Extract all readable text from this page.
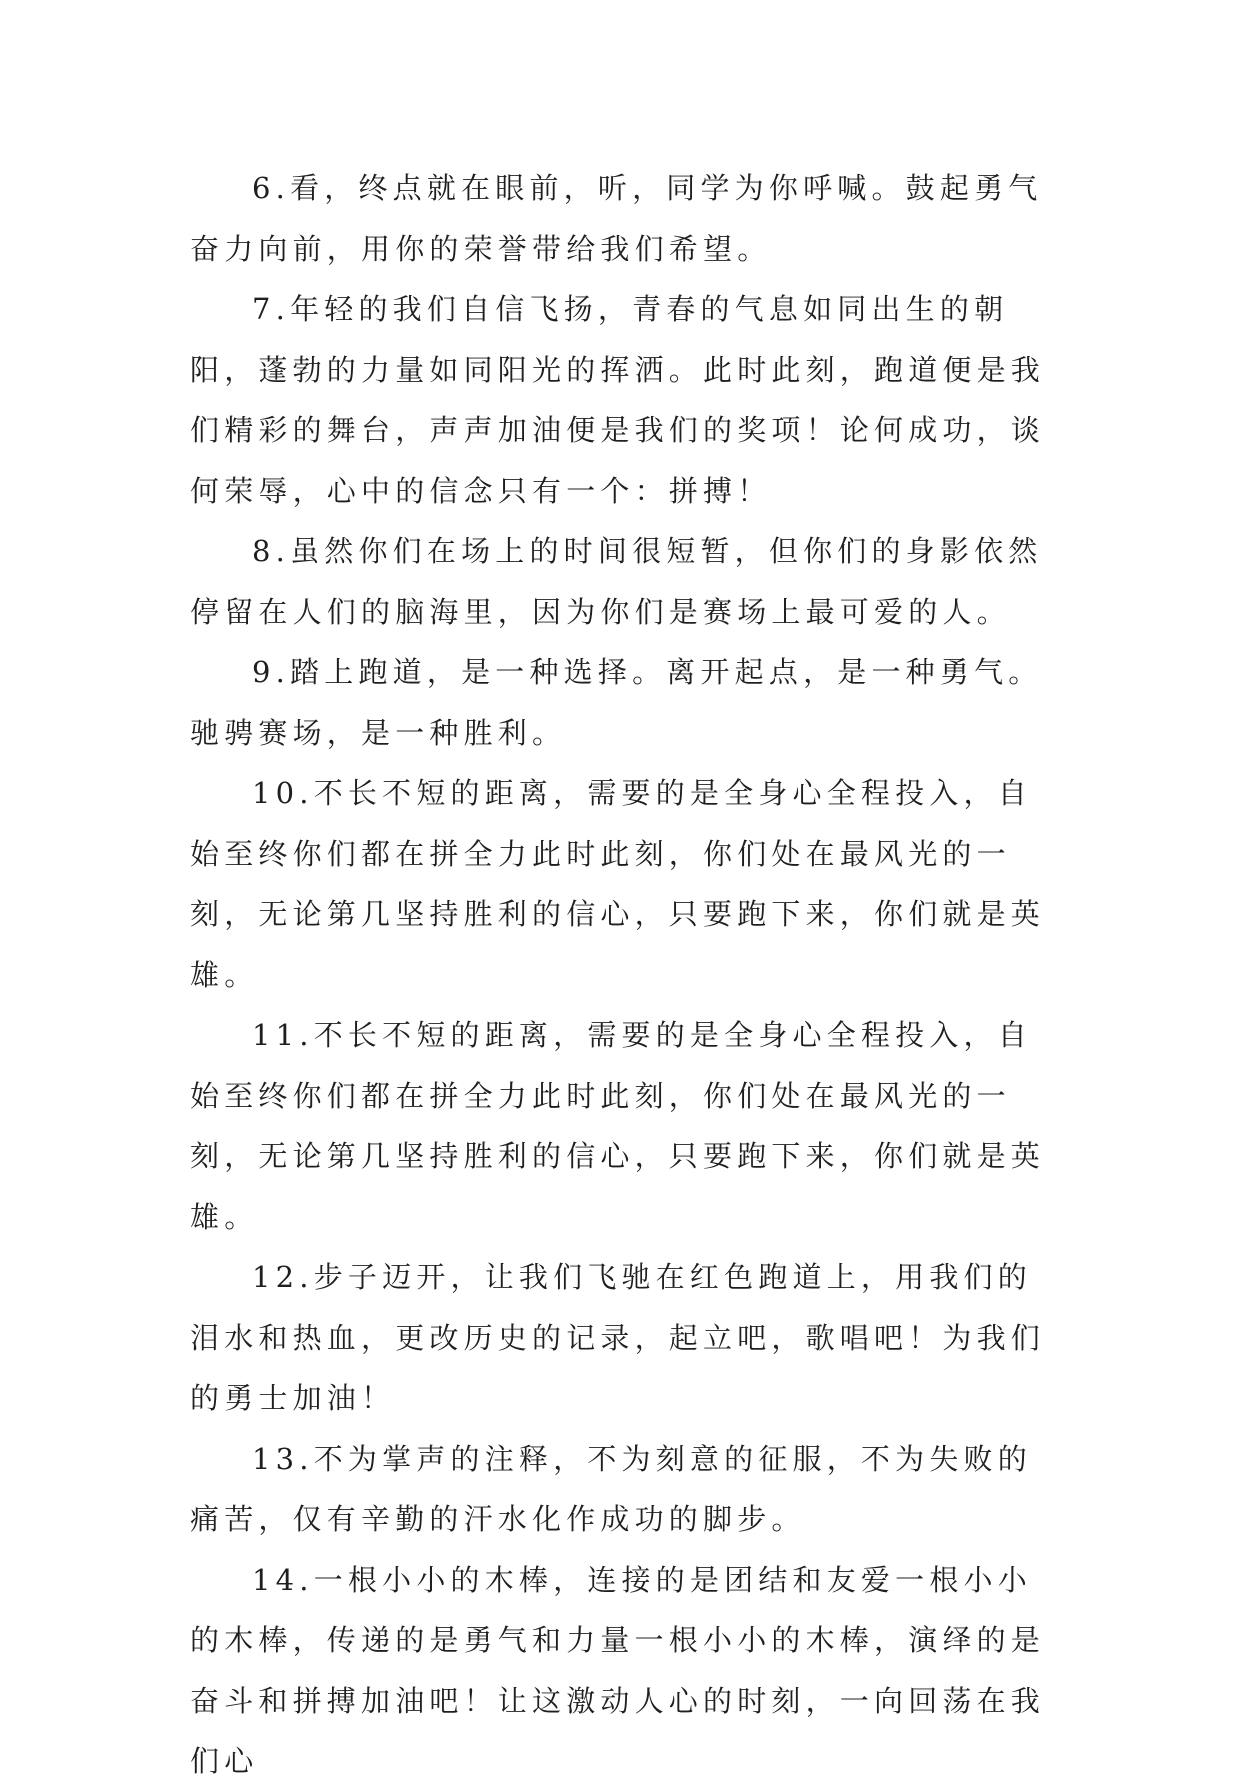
6.看，终点就在眼前，听，同学为你呼喊。鼓起勇气奋力向前，用你的荣誉带给我们希望。

7.年轻的我们自信飞扬，青春的气息如同出生的朝阳，蓬勃的力量如同阳光的挥洒。此时此刻，跑道便是我们精彩的舞台，声声加油便是我们的奖项！论何成功，谈何荣辱，心中的信念只有一个：拼搏！

8.虽然你们在场上的时间很短暂，但你们的身影依然停留在人们的脑海里，因为你们是赛场上最可爱的人。

9.踏上跑道，是一种选择。离开起点，是一种勇气。驰骋赛场，是一种胜利。

10.不长不短的距离，需要的是全身心全程投入，自始至终你们都在拼全力此时此刻，你们处在最风光的一刻，无论第几坚持胜利的信心，只要跑下来，你们就是英雄。

11.不长不短的距离，需要的是全身心全程投入，自始至终你们都在拼全力此时此刻，你们处在最风光的一刻，无论第几坚持胜利的信心，只要跑下来，你们就是英雄。

12.步子迈开，让我们飞驰在红色跑道上，用我们的泪水和热血，更改历史的记录，起立吧，歌唱吧！为我们的勇士加油！

13.不为掌声的注释，不为刻意的征服，不为失败的痛苦，仅有辛勤的汗水化作成功的脚步。

14.一根小小的木棒，连接的是团结和友爱一根小小的木棒，传递的是勇气和力量一根小小的木棒，演绎的是奋斗和拼搏加油吧！让这激动人心的时刻，一向回荡在我们心
